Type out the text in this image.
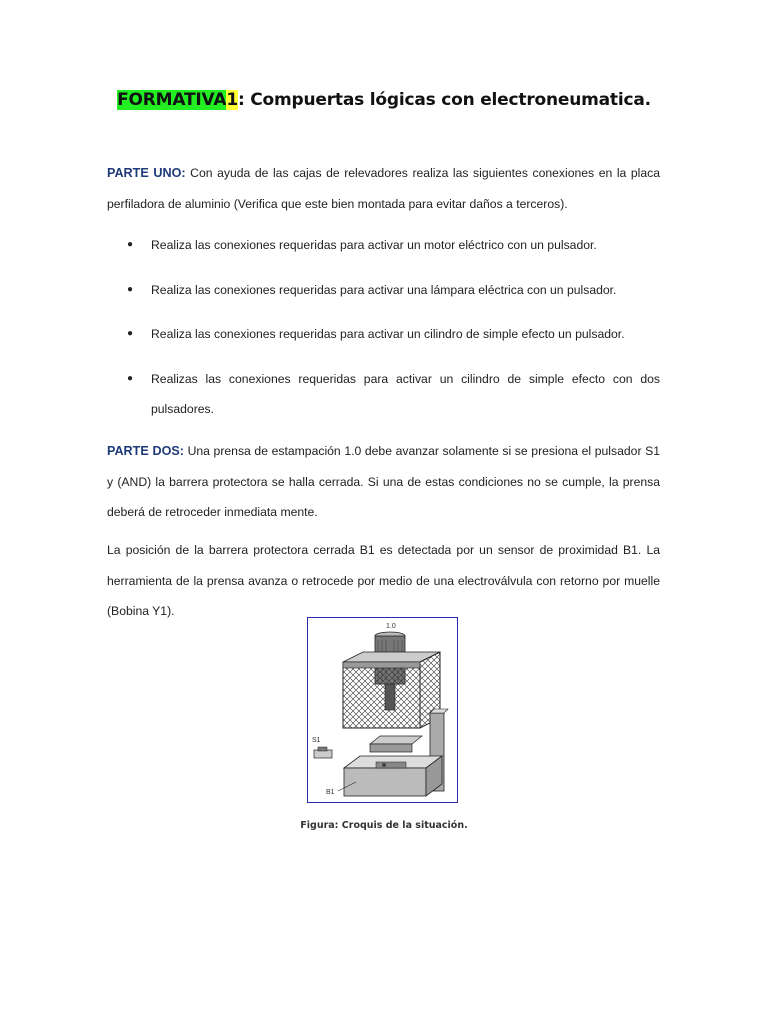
FORMATIVA1: Compuertas lógicas con electroneumatica.

PARTE UNO: Con ayuda de las cajas de relevadores realiza las siguientes conexiones en la placa perfiladora de aluminio (Verifica que este bien montada para evitar daños a terceros).

● Realiza las conexiones requeridas para activar un motor eléctrico con un pulsador.
● Realiza las conexiones requeridas para activar una lámpara eléctrica con un pulsador.
● Realiza las conexiones requeridas para activar un cilindro de simple efecto un pulsador.
● Realizas las conexiones requeridas para activar un cilindro de simple efecto con dos pulsadores.

PARTE DOS: Una prensa de estampación 1.0 debe avanzar solamente si se presiona el pulsador S1 y (AND) la barrera protectora se halla cerrada. Si una de estas condiciones no se cumple, la prensa deberá de retroceder inmediata mente.

La posición de la barrera protectora cerrada B1 es detectada por un sensor de proximidad B1. La herramienta de la prensa avanza o retrocede por medio de una electroválvula con retorno por muelle (Bobina Y1).

1.0
S1
B1
Figura: Croquis de la situación.
